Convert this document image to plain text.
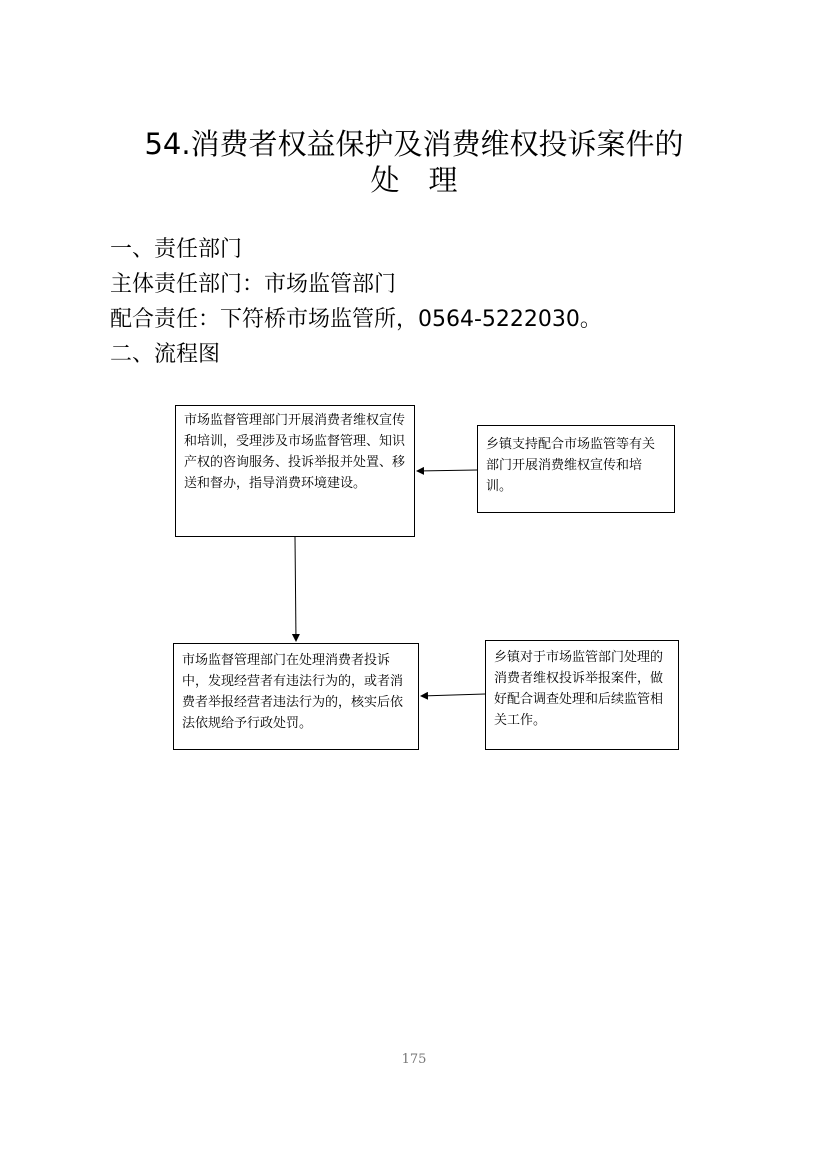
54.消费者权益保护及消费维权投诉案件的
处　理
一、责任部门
主体责任部门：市场监管部门
配合责任：下符桥市场监管所，0564-5222030。
二、流程图
市场监督管理部门开展消费者维权宣传和培训，受理涉及市场监督管理、知识产权的咨询服务、投诉举报并处置、移送和督办，指导消费环境建设。
乡镇支持配合市场监管等有关部门开展消费维权宣传和培训。
市场监督管理部门在处理消费者投诉中，发现经营者有违法行为的，或者消费者举报经营者违法行为的，核实后依法依规给予行政处罚。
乡镇对于市场监管部门处理的消费者维权投诉举报案件，做好配合调查处理和后续监管相关工作。
175
